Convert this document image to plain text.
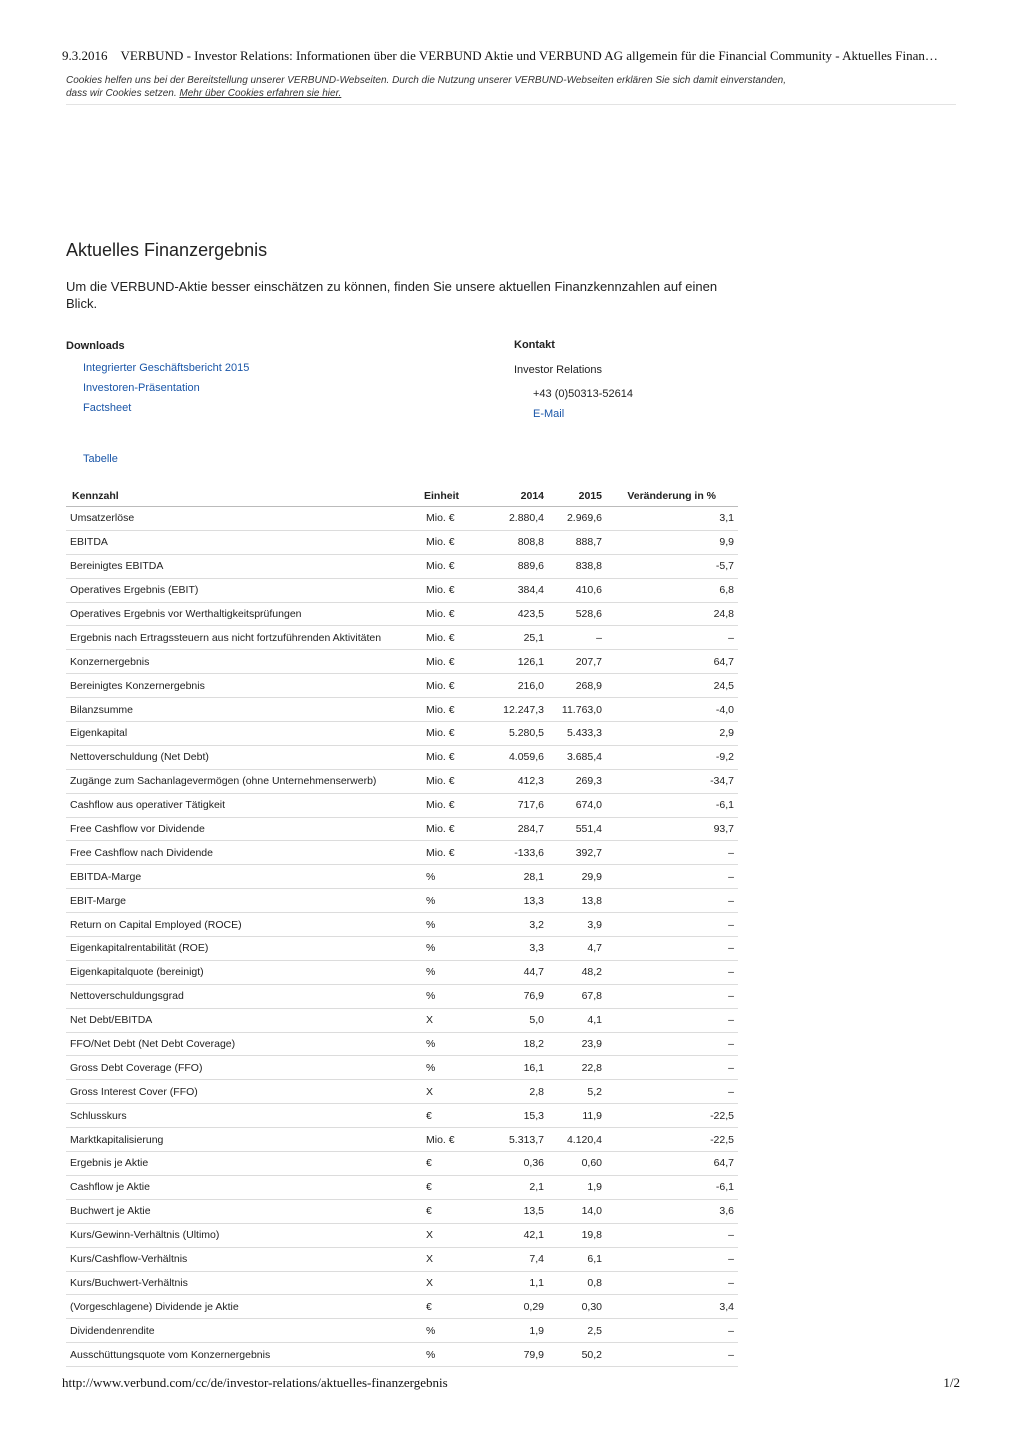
9.3.2016 VERBUND - Investor Relations: Informationen über die VERBUND Aktie und VERBUND AG allgemein für die Financial Community - Aktuelles Finan…
Cookies helfen uns bei der Bereitstellung unserer VERBUND-Webseiten. Durch die Nutzung unserer VERBUND-Webseiten erklären Sie sich damit einverstanden,
dass wir Cookies setzen. Mehr über Cookies erfahren sie hier.
Aktuelles Finanzergebnis

Um die VERBUND-Aktie besser einschätzen zu können, finden Sie unsere aktuellen Finanzkennzahlen auf einen Blick.

Downloads
Integrierter Geschäftsbericht 2015
Investoren-Präsentation
Factsheet
Kontakt
Investor Relations
+43 (0)50313-52614
E-Mail
Tabelle
Kennzahl	Einheit	2014	2015	Veränderung in %
Umsatzerlöse	Mio. €	2.880,4	2.969,6	3,1
EBITDA	Mio. €	808,8	888,7	9,9
Bereinigtes EBITDA	Mio. €	889,6	838,8	-5,7
Operatives Ergebnis (EBIT)	Mio. €	384,4	410,6	6,8
Operatives Ergebnis vor Werthaltigkeitsprüfungen	Mio. €	423,5	528,6	24,8
Ergebnis nach Ertragssteuern aus nicht fortzuführenden Aktivitäten	Mio. €	25,1	–	–
Konzernergebnis	Mio. €	126,1	207,7	64,7
Bereinigtes Konzernergebnis	Mio. €	216,0	268,9	24,5
Bilanzsumme	Mio. €	12.247,3	11.763,0	-4,0
Eigenkapital	Mio. €	5.280,5	5.433,3	2,9
Nettoverschuldung (Net Debt)	Mio. €	4.059,6	3.685,4	-9,2
Zugänge zum Sachanlagevermögen (ohne Unternehmenserwerb)	Mio. €	412,3	269,3	-34,7
Cashflow aus operativer Tätigkeit	Mio. €	717,6	674,0	-6,1
Free Cashflow vor Dividende	Mio. €	284,7	551,4	93,7
Free Cashflow nach Dividende	Mio. €	-133,6	392,7	–
EBITDA-Marge	%	28,1	29,9	–
EBIT-Marge	%	13,3	13,8	–
Return on Capital Employed (ROCE)	%	3,2	3,9	–
Eigenkapitalrentabilität (ROE)	%	3,3	4,7	–
Eigenkapitalquote (bereinigt)	%	44,7	48,2	–
Nettoverschuldungsgrad	%	76,9	67,8	–
Net Debt/EBITDA	X	5,0	4,1	–
FFO/Net Debt (Net Debt Coverage)	%	18,2	23,9	–
Gross Debt Coverage (FFO)	%	16,1	22,8	–
Gross Interest Cover (FFO)	X	2,8	5,2	–
Schlusskurs	€	15,3	11,9	-22,5
Marktkapitalisierung	Mio. €	5.313,7	4.120,4	-22,5
Ergebnis je Aktie	€	0,36	0,60	64,7
Cashflow je Aktie	€	2,1	1,9	-6,1
Buchwert je Aktie	€	13,5	14,0	3,6
Kurs/Gewinn-Verhältnis (Ultimo)	X	42,1	19,8	–
Kurs/Cashflow-Verhältnis	X	7,4	6,1	–
Kurs/Buchwert-Verhältnis	X	1,1	0,8	–
(Vorgeschlagene) Dividende je Aktie	€	0,29	0,30	3,4
Dividendenrendite	%	1,9	2,5	–
Ausschüttungsquote vom Konzernergebnis	%	79,9	50,2	–
http://www.verbund.com/cc/de/investor-relations/aktuelles-finanzergebnis	1/2
